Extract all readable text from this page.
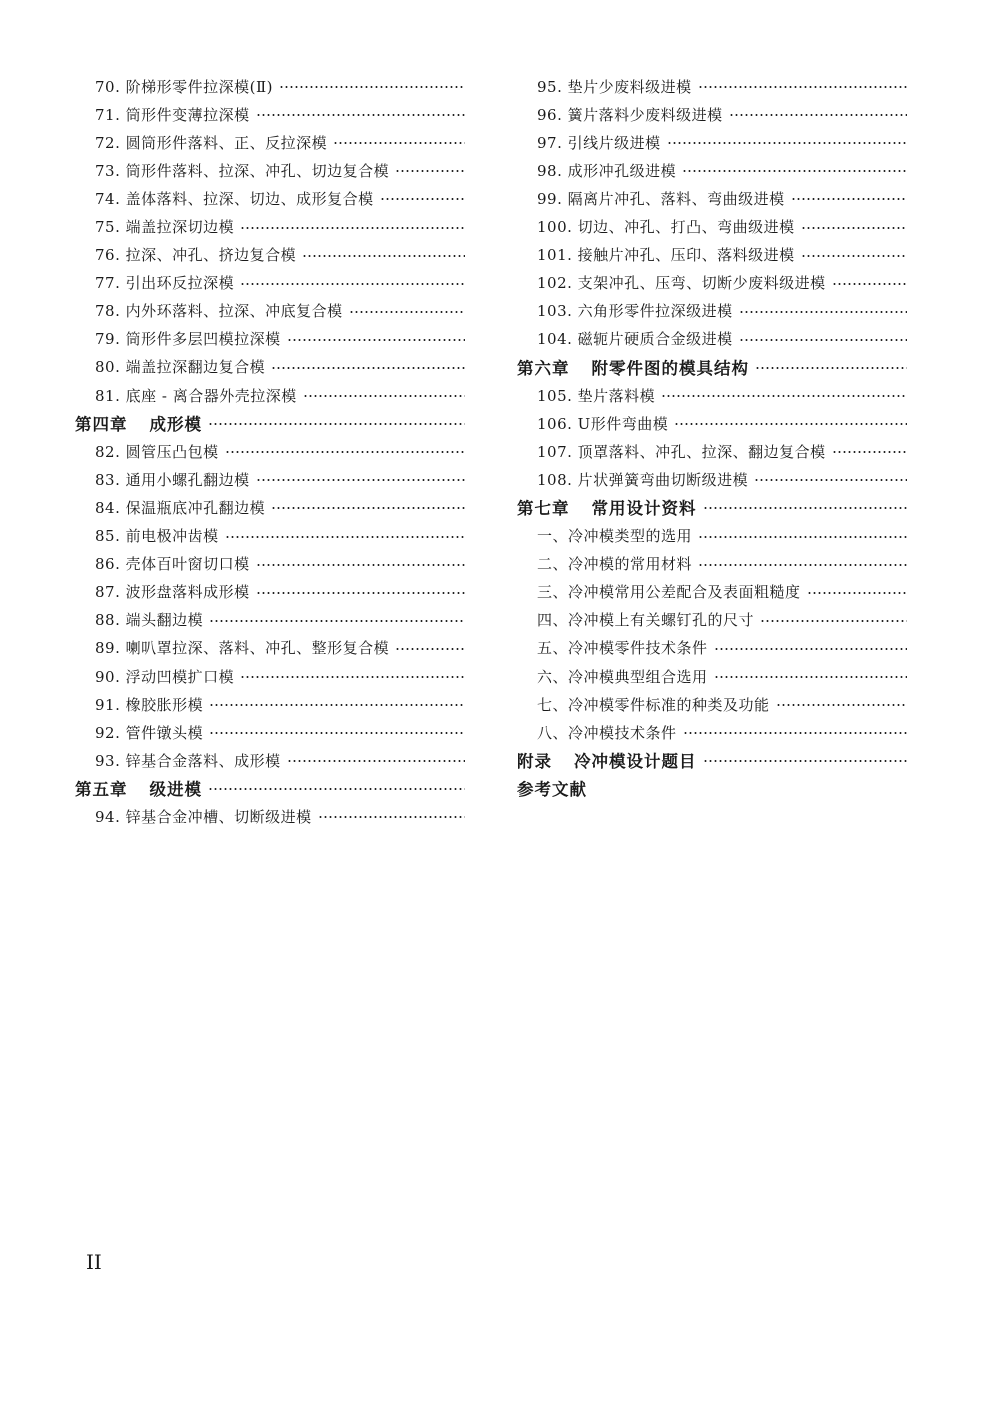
70. 阶梯形零件拉深模(Ⅱ)
71. 筒形件变薄拉深模
72. 圆筒形件落料、正、反拉深模
73. 筒形件落料、拉深、冲孔、切边复合模
74. 盖体落料、拉深、切边、成形复合模
75. 端盖拉深切边模
76. 拉深、冲孔、挤边复合模
77. 引出环反拉深模
78. 内外环落料、拉深、冲底复合模
79. 筒形件多层凹模拉深模
80. 端盖拉深翻边复合模
81. 底座 - 离合器外壳拉深模
第四章 成形模
82. 圆管压凸包模
83. 通用小螺孔翻边模
84. 保温瓶底冲孔翻边模
85. 前电极冲齿模
86. 壳体百叶窗切口模
87. 波形盘落料成形模
88. 端头翻边模
89. 喇叭罩拉深、落料、冲孔、整形复合模
90. 浮动凹模扩口模
91. 橡胶胀形模
92. 管件镦头模
93. 锌基合金落料、成形模
第五章 级进模
94. 锌基合金冲槽、切断级进模
95. 垫片少废料级进模
96. 簧片落料少废料级进模
97. 引线片级进模
98. 成形冲孔级进模
99. 隔离片冲孔、落料、弯曲级进模
100. 切边、冲孔、打凸、弯曲级进模
101. 接触片冲孔、压印、落料级进模
102. 支架冲孔、压弯、切断少废料级进模
103. 六角形零件拉深级进模
104. 磁轭片硬质合金级进模
第六章 附零件图的模具结构
105. 垫片落料模
106. U形件弯曲模
107. 顶罩落料、冲孔、拉深、翻边复合模
108. 片状弹簧弯曲切断级进模
第七章 常用设计资料
一、冷冲模类型的选用
二、冷冲模的常用材料
三、冷冲模常用公差配合及表面粗糙度
四、冷冲模上有关螺钉孔的尺寸
五、冷冲模零件技术条件
六、冷冲模典型组合选用
七、冷冲模零件标准的种类及功能
八、冷冲模技术条件
附录 冷冲模设计题目
参考文献
II
